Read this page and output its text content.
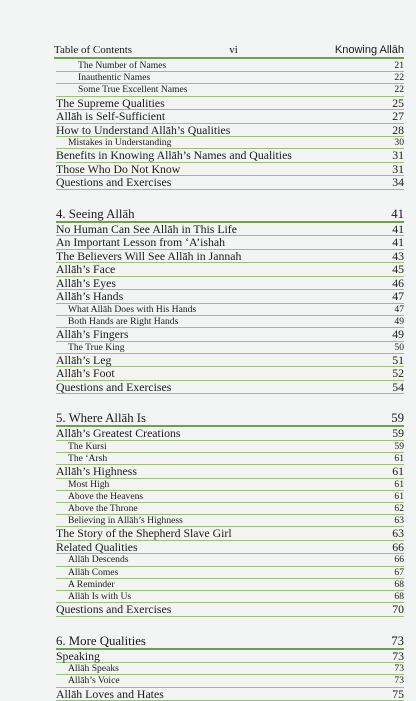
Table of Contents	vi	Knowing Allāh
The Number of Names	21
Inauthentic Names	22
Some True Excellent Names	22
The Supreme Qualities	25
Allāh is Self-Sufficient	27
How to Understand Allāh’s Qualities	28
Mistakes in Understanding	30
Benefits in Knowing Allāh’s Names and Qualities	31
Those Who Do Not Know	31
Questions and Exercises	34
4. Seeing Allāh	41
No Human Can See Allāh in This Life	41
An Important Lesson from ‘A’ishah	41
The Believers Will See Allāh in Jannah	43
Allāh’s Face	45
Allāh’s Eyes	46
Allāh’s Hands	47
What Allāh Does with His Hands	47
Both Hands are Right Hands	49
Allāh’s Fingers	49
The True King	50
Allāh’s Leg	51
Allāh’s Foot	52
Questions and Exercises	54
5. Where Allāh Is	59
Allāh’s Greatest Creations	59
The Kursi	59
The ‘Arsh	61
Allāh’s Highness	61
Most High	61
Above the Heavens	61
Above the Throne	62
Believing in Allāh’s Highness	63
The Story of the Shepherd Slave Girl	63
Related Qualities	66
Allāh Descends	66
Allāh Comes	67
A Reminder	68
Allāh Is with Us	68
Questions and Exercises	70
6. More Qualities	73
Speaking	73
Allāh Speaks	73
Allāh’s Voice	73
Allāh Loves and Hates	75
